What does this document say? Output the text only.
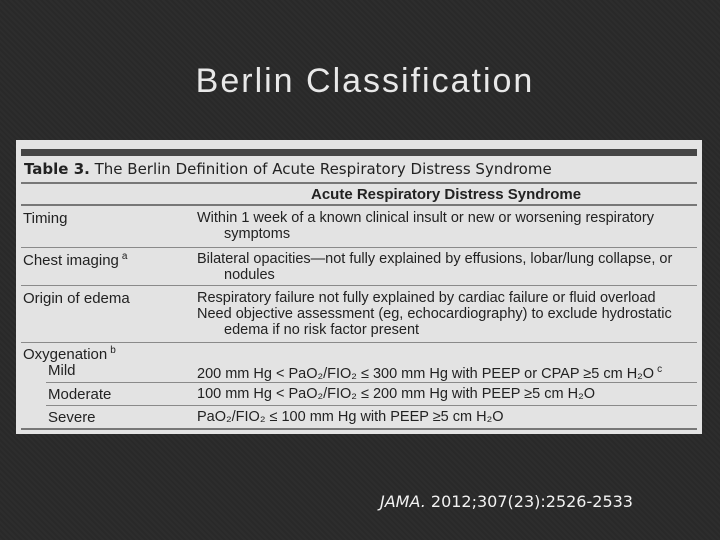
Berlin Classification
Table 3. The Berlin Definition of Acute Respiratory Distress Syndrome
Acute Respiratory Distress Syndrome
Timing	Within 1 week of a known clinical insult or new or worsening respiratory
symptoms
Chest imaging $^a$	Bilateral opacities—not fully explained by effusions, lobar/lung collapse, or
nodules
Origin of edema	Respiratory failure not fully explained by cardiac failure or fluid overload
Need objective assessment (eg, echocardiography) to exclude hydrostatic
edema if no risk factor present
Oxygenation $^b$
Mild	200 mm Hg < PaO₂/FIO₂ ≤ 300 mm Hg with PEEP or CPAP ≥5 cm H₂O $^c$
Moderate	100 mm Hg < PaO₂/FIO₂ ≤ 200 mm Hg with PEEP ≥5 cm H₂O
Severe	PaO₂/FIO₂ ≤ 100 mm Hg with PEEP ≥5 cm H₂O
JAMA. 2012;307(23):2526-2533
